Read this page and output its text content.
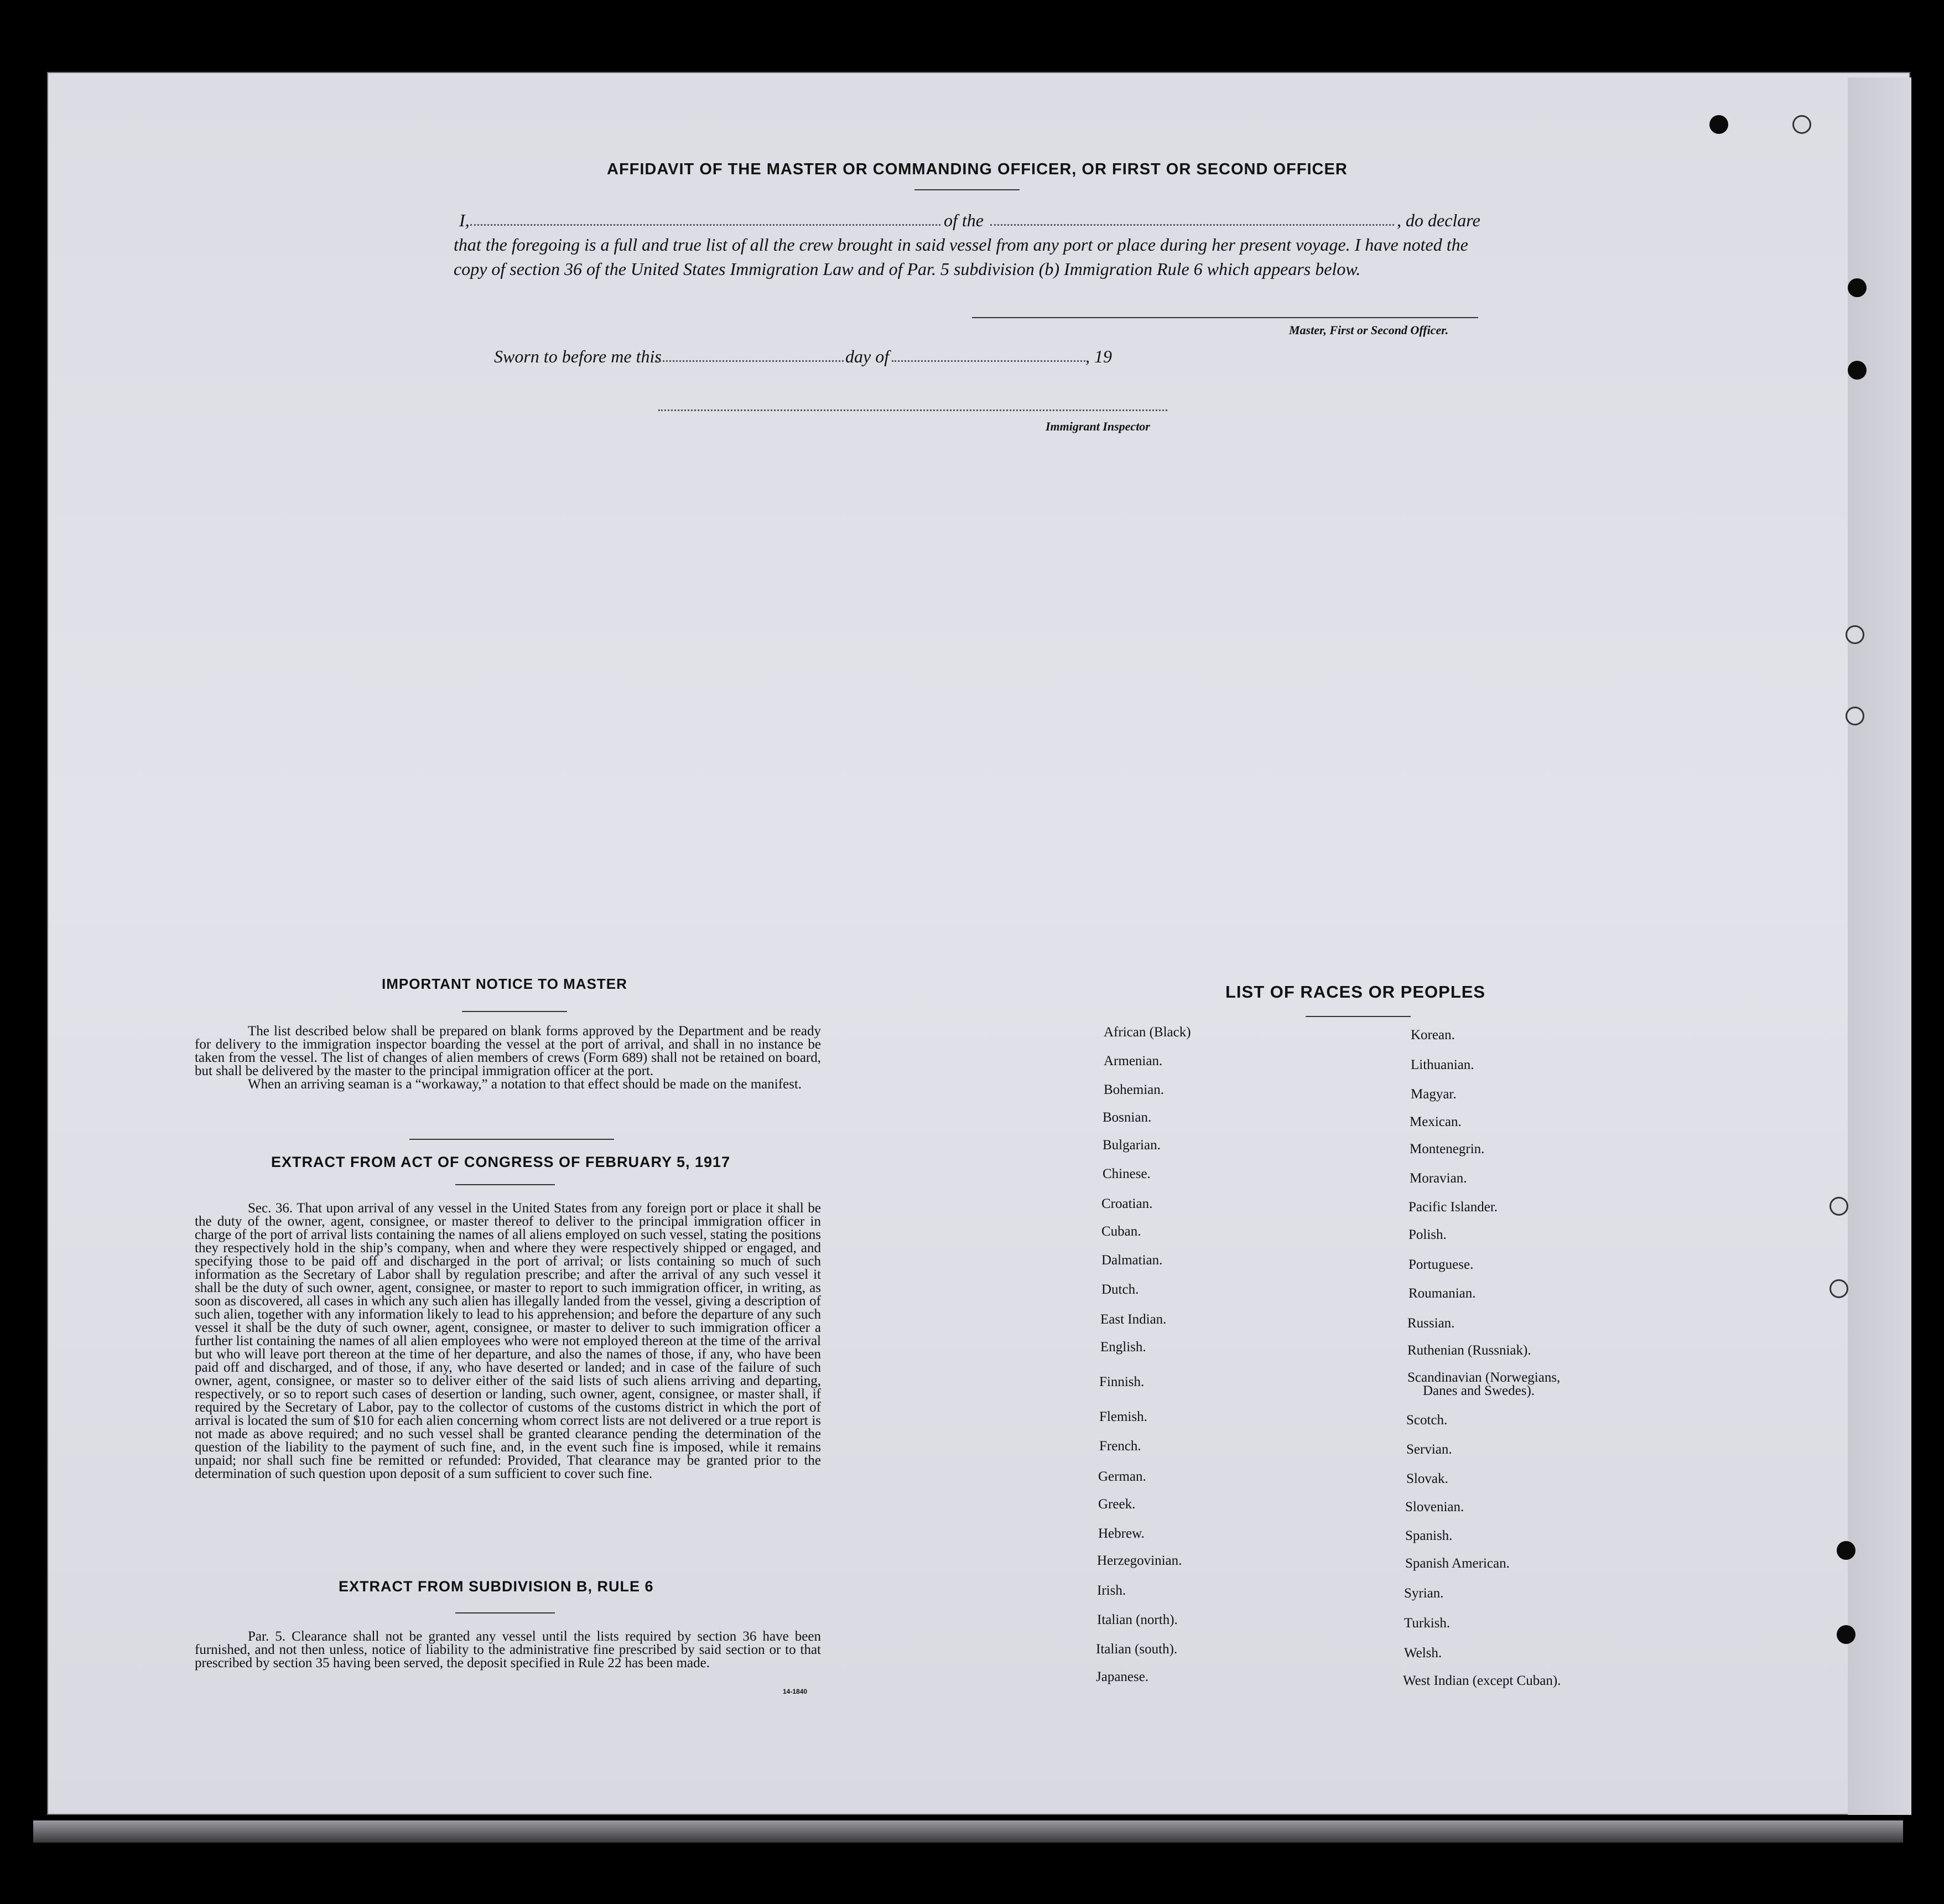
AFFIDAVIT OF THE MASTER OR COMMANDING OFFICER, OR FIRST OR SECOND OFFICER
I,	of the	, do declare
that the foregoing is a full and true list of all the crew brought in said vessel from any port or place during her present voyage. I have noted the
copy of section 36 of the United States Immigration Law and of Par. 5 subdivision (b) Immigration Rule 6 which appears below.
Master, First or Second Officer.
Sworn to before me this	day of	, 19
Immigrant Inspector
IMPORTANT NOTICE TO MASTER

The list described below shall be prepared on blank forms approved by the Department and be ready for delivery to the immigration inspector boarding the vessel at the port of arrival, and shall in no instance be taken from the vessel. The list of changes of alien members of crews (Form 689) shall not be retained on board, but shall be delivered by the master to the principal immigration officer at the port.

When an arriving seaman is a “workaway,” a notation to that effect should be made on the manifest.

EXTRACT FROM ACT OF CONGRESS OF FEBRUARY 5, 1917

Sec. 36. That upon arrival of any vessel in the United States from any foreign port or place it shall be the duty of the owner, agent, consignee, or master thereof to deliver to the principal immigration officer in charge of the port of arrival lists containing the names of all aliens employed on such vessel, stating the positions they respectively hold in the ship’s company, when and where they were respectively shipped or engaged, and specifying those to be paid off and discharged in the port of arrival; or lists containing so much of such information as the Secretary of Labor shall by regulation prescribe; and after the arrival of any such vessel it shall be the duty of such owner, agent, consignee, or master to report to such immigration officer, in writing, as soon as discovered, all cases in which any such alien has illegally landed from the vessel, giving a description of such alien, together with any information likely to lead to his apprehension; and before the departure of any such vessel it shall be the duty of such owner, agent, consignee, or master to deliver to such immigration officer a further list containing the names of all alien employees who were not employed thereon at the time of the arrival but who will leave port thereon at the time of her departure, and also the names of those, if any, who have been paid off and discharged, and of those, if any, who have deserted or landed; and in case of the failure of such owner, agent, consignee, or master so to deliver either of the said lists of such aliens arriving and departing, respectively, or so to report such cases of desertion or landing, such owner, agent, consignee, or master shall, if required by the Secretary of Labor, pay to the collector of customs of the customs district in which the port of arrival is located the sum of $10 for each alien concerning whom correct lists are not delivered or a true report is not made as above required; and no such vessel shall be granted clearance pending the determination of the question of the liability to the payment of such fine, and, in the event such fine is imposed, while it remains unpaid; nor shall such fine be remitted or refunded: Provided, That clearance may be granted prior to the determination of such question upon deposit of a sum sufficient to cover such fine.

EXTRACT FROM SUBDIVISION B, RULE 6

Par. 5. Clearance shall not be granted any vessel until the lists required by section 36 have been furnished, and not then unless, notice of liability to the administrative fine prescribed by said section or to that prescribed by section 35 having been served, the deposit specified in Rule 22 has been made.

14-1840
LIST OF RACES OR PEOPLES
African (Black)
Armenian.
Bohemian.
Bosnian.
Bulgarian.
Chinese.
Croatian.
Cuban.
Dalmatian.
Dutch.
East Indian.
English.
Finnish.
Flemish.
French.
German.
Greek.
Hebrew.
Herzegovinian.
Irish.
Italian (north).
Italian (south).
Japanese.
Korean.
Lithuanian.
Magyar.
Mexican.
Montenegrin.
Moravian.
Pacific Islander.
Polish.
Portuguese.
Roumanian.
Russian.
Ruthenian (Russniak).
Scandinavian (Norwegians,
Danes and Swedes).
Scotch.
Servian.
Slovak.
Slovenian.
Spanish.
Spanish American.
Syrian.
Turkish.
Welsh.
West Indian (except Cuban).
